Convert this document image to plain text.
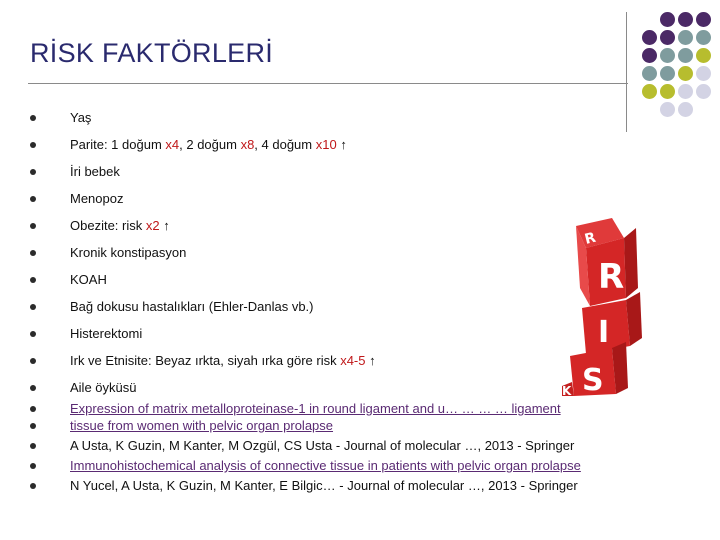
RİSK FAKTÖRLERİ
R
R
I
S
K
Yaş
Parite: 1 doğum x4, 2 doğum x8, 4 doğum x10 ↑
İri bebek
Menopoz
Obezite: risk x2 ↑
Kronik konstipasyon
KOAH
Bağ dokusu hastalıkları (Ehler-Danlas vb.)
Histerektomi
Irk ve Etnisite: Beyaz ırkta, siyah ırka göre risk x4-5 ↑
Aile öyküsü
Expression of matrix metalloproteinase-1 in round ligament and u… … … … ligament
tissue from women with pelvic organ prolapse
A Usta, K Guzin, M Kanter, M Ozgül, CS Usta - Journal of molecular …, 2013 - Springer
Immunohistochemical analysis of connective tissue in patients with pelvic organ prolapse
N Yucel, A Usta, K Guzin, M Kanter, E Bilgic… - Journal of molecular …, 2013 - Springer
